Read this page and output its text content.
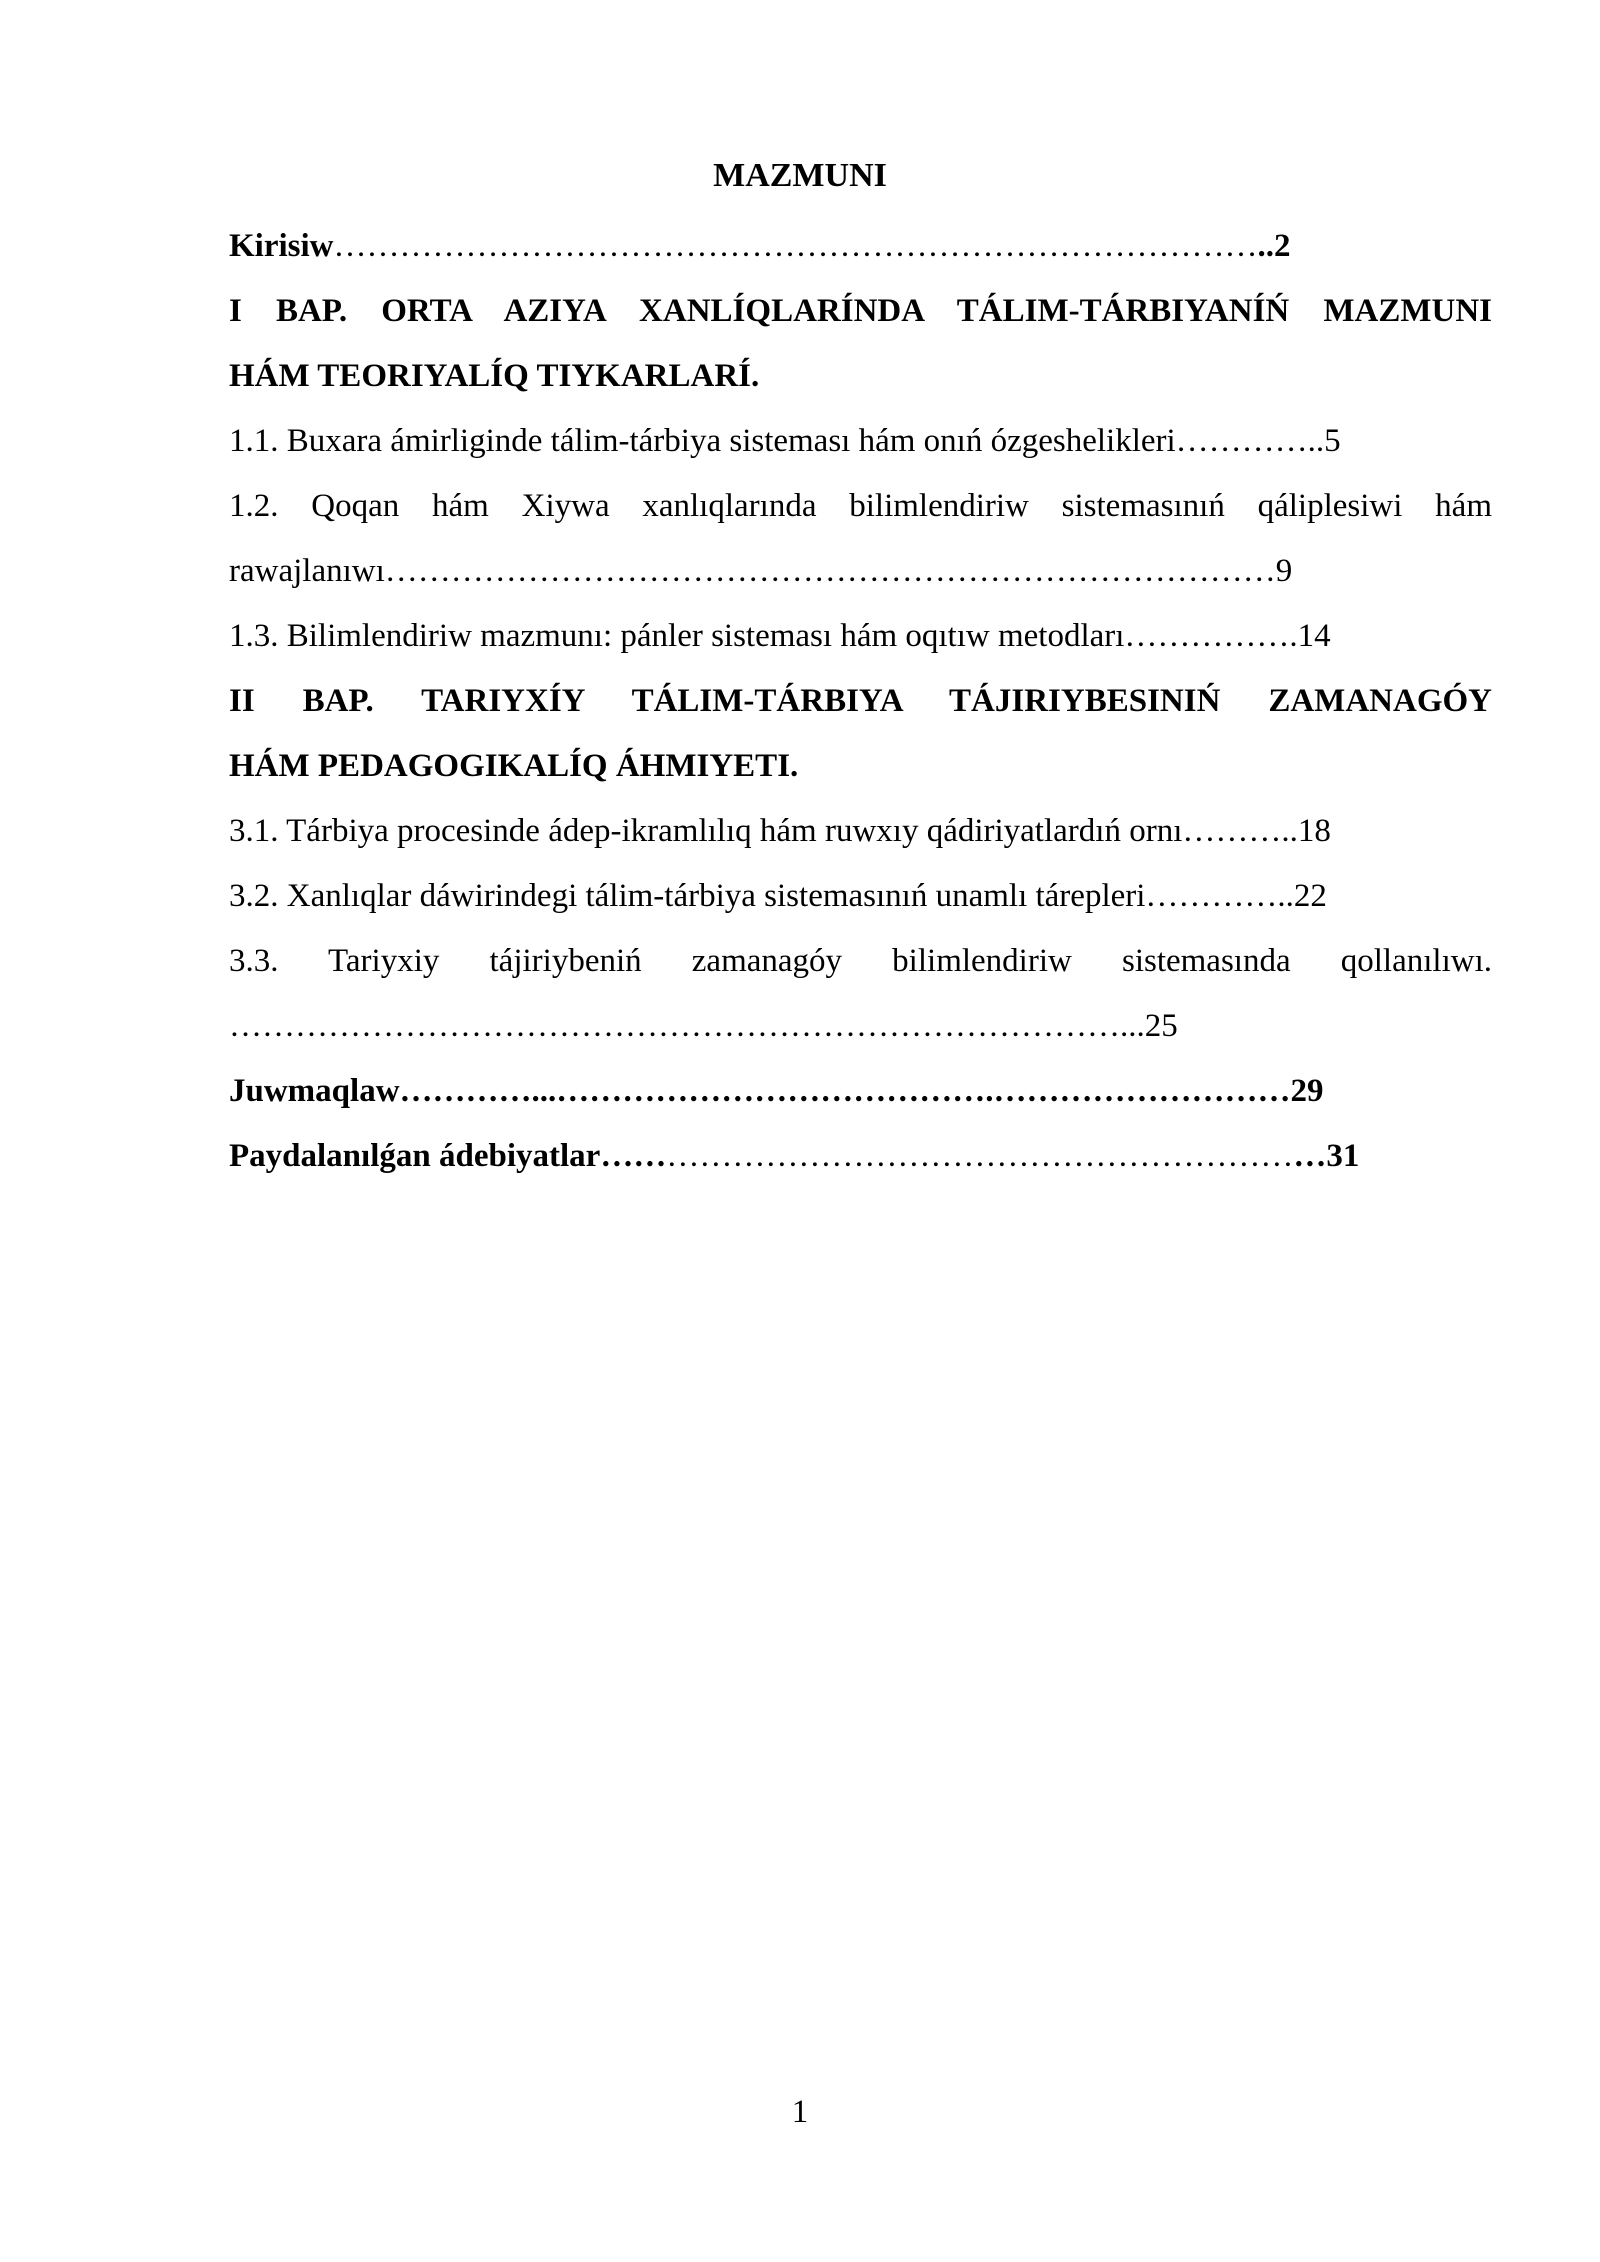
MAZMUNI
Kirisiw…………………………………………………………………………..2
I BAP. ORTA AZIYA XANLÍQLARÍNDA TÁLIM-TÁRBIYANÍŃ MAZMUNI
HÁM TEORIYALÍQ TIYKARLARÍ.
1.1. Buxara ámirliginde tálim-tárbiya sisteması hám onıń ózgeshelikleri…………..5
1.2. Qoqan hám Xiywa xanlıqlarında bilimlendiriw sistemasınıń qáliplesiwi hám
rawajlanıwı………………………………………………………………………9
1.3. Bilimlendiriw mazmunı: pánler sisteması hám oqıtıw metodları…………….14
II BAP. TARIYXÍY TÁLIM-TÁRBIYA TÁJIRIYBESINIŃ ZAMANAGÓY
HÁM PEDAGOGIKALÍQ ÁHMIYETI.
3.1. Tárbiya procesinde ádep-ikramlılıq hám ruwxıy qádiriyatlardıń ornı………..18
3.2. Xanlıqlar dáwirindegi tálim-tárbiya sistemasınıń unamlı tárepleri…………..22
3.3. Tariyxiy tájiriybeniń zamanagóy bilimlendiriw sistemasında qollanılıwı.
………………………………………………………………………...25
Juwmaqlaw…………...………………………………….………………………29
Paydalanılǵan ádebiyatlar…………………………………………………………31
1
